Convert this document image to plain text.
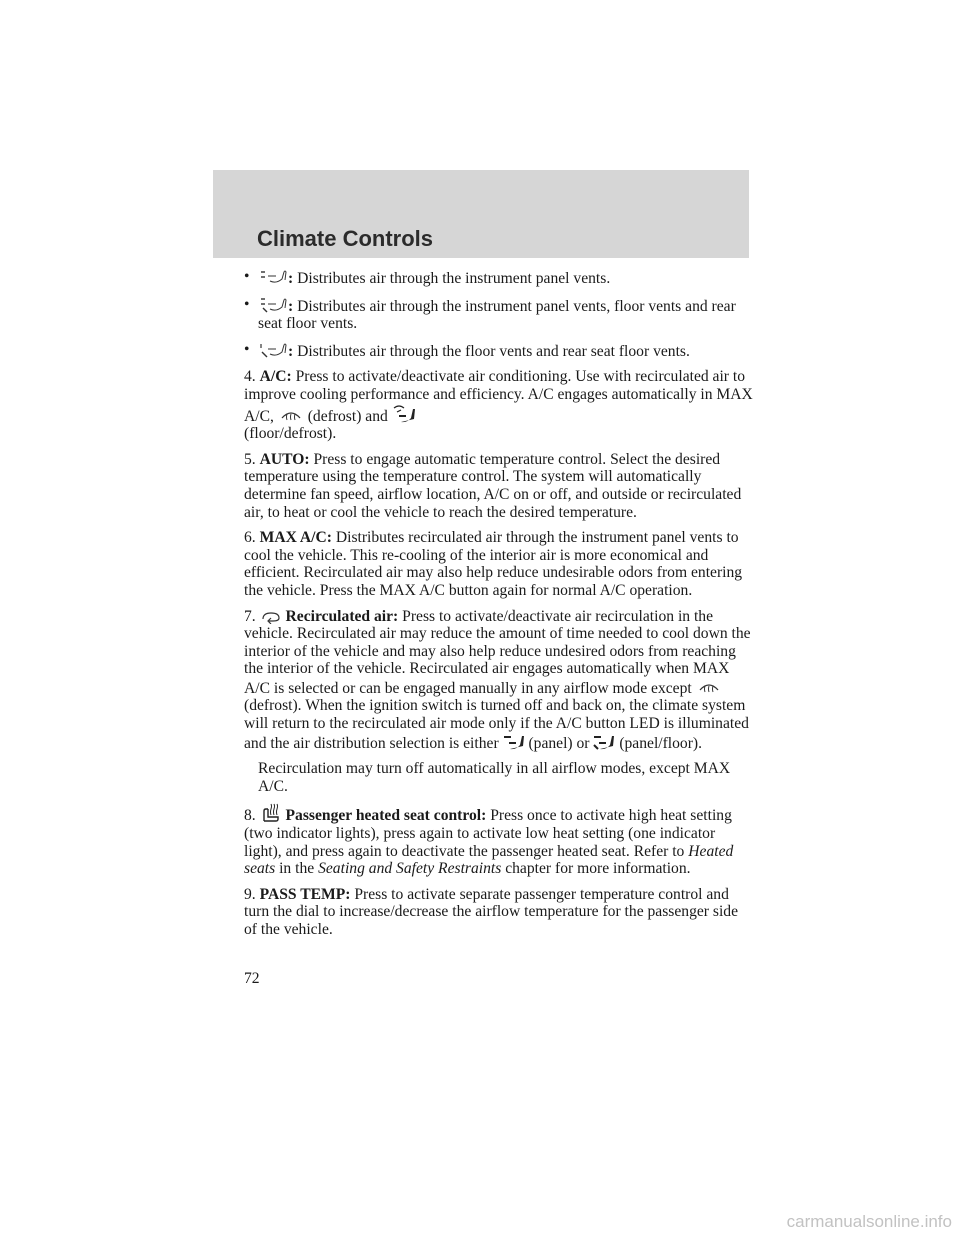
Climate Controls

• : Distributes air through the instrument panel vents.

• : Distributes air through the instrument panel vents, floor vents and rear seat floor vents.

• : Distributes air through the floor vents and rear seat floor vents.

4. A/C: Press to activate/deactivate air conditioning. Use with recirculated air to improve cooling performance and efficiency. A/C engages automatically in MAX A/C, (defrost) and

(floor/defrost).

5. AUTO: Press to engage automatic temperature control. Select the desired temperature using the temperature control. The system will automatically determine fan speed, airflow location, A/C on or off, and outside or recirculated air, to heat or cool the vehicle to reach the desired temperature.

6. MAX A/C: Distributes recirculated air through the instrument panel vents to cool the vehicle. This re-cooling of the interior air is more economical and efficient. Recirculated air may also help reduce undesirable odors from entering the vehicle. Press the MAX A/C button again for normal A/C operation.

7. Recirculated air: Press to activate/deactivate air recirculation in the vehicle. Recirculated air may reduce the amount of time needed to cool down the interior of the vehicle and may also help reduce undesired odors from reaching the interior of the vehicle. Recirculated air engages automatically when MAX A/C is selected or can be engaged manually in any airflow mode except
(defrost). When the ignition switch is turned off and back on, the climate system will return to the recirculated air mode only if the A/C button LED is illuminated and the air distribution selection is either (panel) or (panel/floor).

Recirculation may turn off automatically in all airflow modes, except MAX A/C.

8. Passenger heated seat control: Press once to activate high heat setting (two indicator lights), press again to activate low heat setting (one indicator light), and press again to deactivate the passenger heated seat. Refer to Heated seats in the Seating and Safety Restraints chapter for more information.

9. PASS TEMP: Press to activate separate passenger temperature control and turn the dial to increase/decrease the airflow temperature for the passenger side of the vehicle.

72
carmanualsonline.info
